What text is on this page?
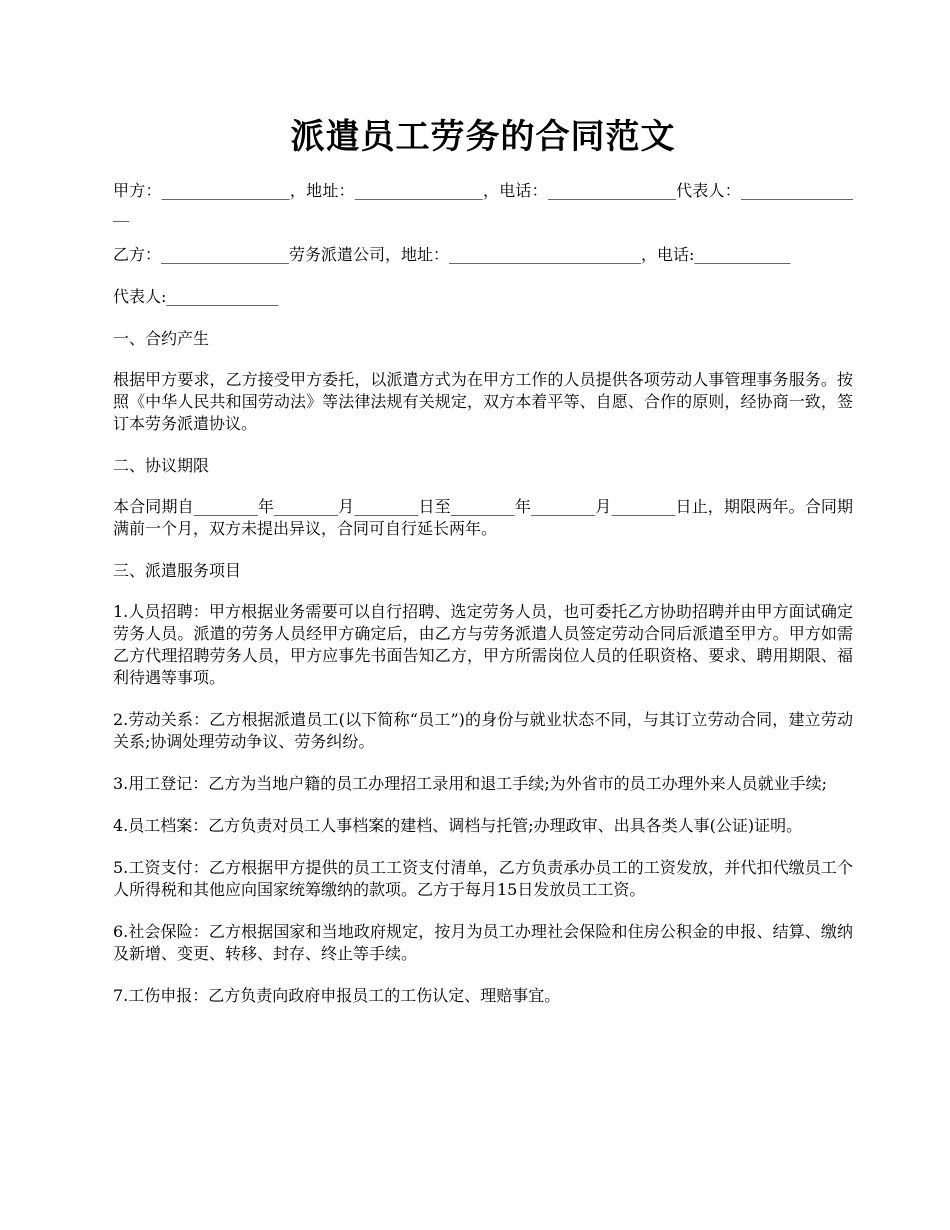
派遣员工劳务的合同范文

甲方：________________，地址：________________，电话：________________代表人：________________

乙方：________________劳务派遣公司，地址：________________________，电话:____________

代表人:______________

一、合约产生

根据甲方要求，乙方接受甲方委托，以派遣方式为在甲方工作的人员提供各项劳动人事管理事务服务。按照《中华人民共和国劳动法》等法律法规有关规定，双方本着平等、自愿、合作的原则，经协商一致，签订本劳务派遣协议。

二、协议期限

本合同期自________年________月________日至________年________月________日止，期限两年。合同期满前一个月，双方未提出异议，合同可自行延长两年。

三、派遣服务项目

1.人员招聘：甲方根据业务需要可以自行招聘、选定劳务人员，也可委托乙方协助招聘并由甲方面试确定劳务人员。派遣的劳务人员经甲方确定后，由乙方与劳务派遣人员签定劳动合同后派遣至甲方。甲方如需乙方代理招聘劳务人员，甲方应事先书面告知乙方，甲方所需岗位人员的任职资格、要求、聘用期限、福利待遇等事项。

2.劳动关系：乙方根据派遣员工(以下简称“员工”)的身份与就业状态不同，与其订立劳动合同，建立劳动关系;协调处理劳动争议、劳务纠纷。

3.用工登记：乙方为当地户籍的员工办理招工录用和退工手续;为外省市的员工办理外来人员就业手续;

4.员工档案：乙方负责对员工人事档案的建档、调档与托管;办理政审、出具各类人事(公证)证明。

5.工资支付：乙方根据甲方提供的员工工资支付清单，乙方负责承办员工的工资发放，并代扣代缴员工个人所得税和其他应向国家统筹缴纳的款项。乙方于每月15日发放员工工资。

6.社会保险：乙方根据国家和当地政府规定，按月为员工办理社会保险和住房公积金的申报、结算、缴纳及新增、变更、转移、封存、终止等手续。

7.工伤申报：乙方负责向政府申报员工的工伤认定、理赔事宜。
